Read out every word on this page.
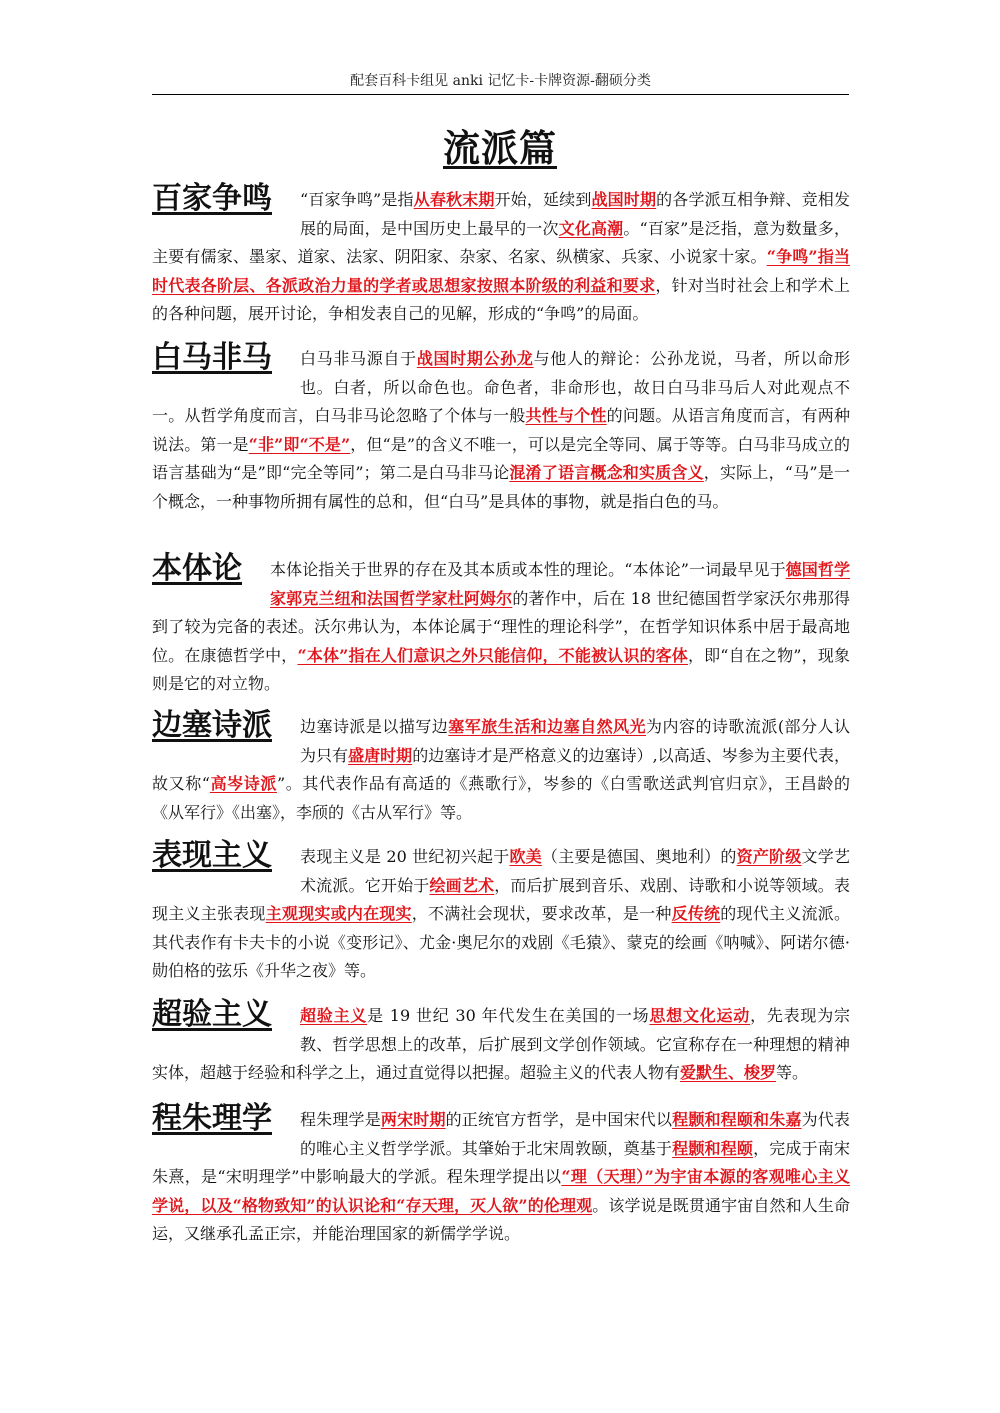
配套百科卡组见 anki 记忆卡-卡牌资源-翻硕分类
流派篇
百家争鸣 “百家争鸣”是指从春秋末期开始，延续到战国时期的各学派互相争辩、竞相发展的局面，是中国历史上最早的一次文化高潮。“百家”是泛指，意为数量多，主要有儒家、墨家、道家、法家、阴阳家、杂家、名家、纵横家、兵家、小说家十家。“争鸣”指当时代表各阶层、各派政治力量的学者或思想家按照本阶级的利益和要求，针对当时社会上和学术上的各种问题，展开讨论，争相发表自己的见解，形成的“争鸣”的局面。
白马非马 白马非马源自于战国时期公孙龙与他人的辩论：公孙龙说，马者，所以命形也。白者，所以命色也。命色者，非命形也，故日白马非马后人对此观点不一。从哲学角度而言，白马非马论忽略了个体与一般共性与个性的问题。从语言角度而言，有两种说法。第一是“非”即“不是”，但“是”的含义不唯一，可以是完全等同、属于等等。白马非马成立的语言基础为“是”即“完全等同”；第二是白马非马论混淆了语言概念和实质含义，实际上，“马”是一个概念，一种事物所拥有属性的总和，但“白马”是具体的事物，就是指白色的马。
本体论 本体论指关于世界的存在及其本质或本性的理论。“本体论”一词最早见于德国哲学家郭克兰纽和法国哲学家杜阿姆尔的著作中，后在 18 世纪德国哲学家沃尔弗那得到了较为完备的表述。沃尔弗认为，本体论属于“理性的理论科学”，在哲学知识体系中居于最高地位。在康德哲学中，“本体”指在人们意识之外只能信仰，不能被认识的客体，即“自在之物”，现象则是它的对立物。
边塞诗派 边塞诗派是以描写边塞军旅生活和边塞自然风光为内容的诗歌流派(部分人认为只有盛唐时期的边塞诗才是严格意义的边塞诗）,以高适、岑参为主要代表，故又称“高岑诗派”。其代表作品有高适的《燕歌行》，岑参的《白雪歌送武判官归京》，王昌龄的《从军行》《出塞》，李颀的《古从军行》等。
表现主义 表现主义是 20 世纪初兴起于欧美（主要是德国、奥地利）的资产阶级文学艺术流派。它开始于绘画艺术，而后扩展到音乐、戏剧、诗歌和小说等领域。表现主义主张表现主观现实或内在现实，不满社会现状，要求改革，是一种反传统的现代主义流派。其代表作有卡夫卡的小说《变形记》、尤金·奥尼尔的戏剧《毛猿》、蒙克的绘画《呐喊》、阿诺尔德·勋伯格的弦乐《升华之夜》等。
超验主义 超验主义是 19 世纪 30 年代发生在美国的一场思想文化运动，先表现为宗教、哲学思想上的改革，后扩展到文学创作领域。它宣称存在一种理想的精神实体，超越于经验和科学之上，通过直觉得以把握。超验主义的代表人物有爱默生、梭罗等。
程朱理学 程朱理学是两宋时期的正统官方哲学，是中国宋代以程颢和程颐和朱嘉为代表的唯心主义哲学学派。其肇始于北宋周敦颐，奠基于程颢和程颐，完成于南宋朱熹，是“宋明理学”中影响最大的学派。程朱理学提出以“理（天理）”为宇宙本源的客观唯心主义学说，以及“格物致知”的认识论和“存天理，灭人欲”的伦理观。该学说是既贯通宇宙自然和人生命运，又继承孔孟正宗，并能治理国家的新儒学学说。
